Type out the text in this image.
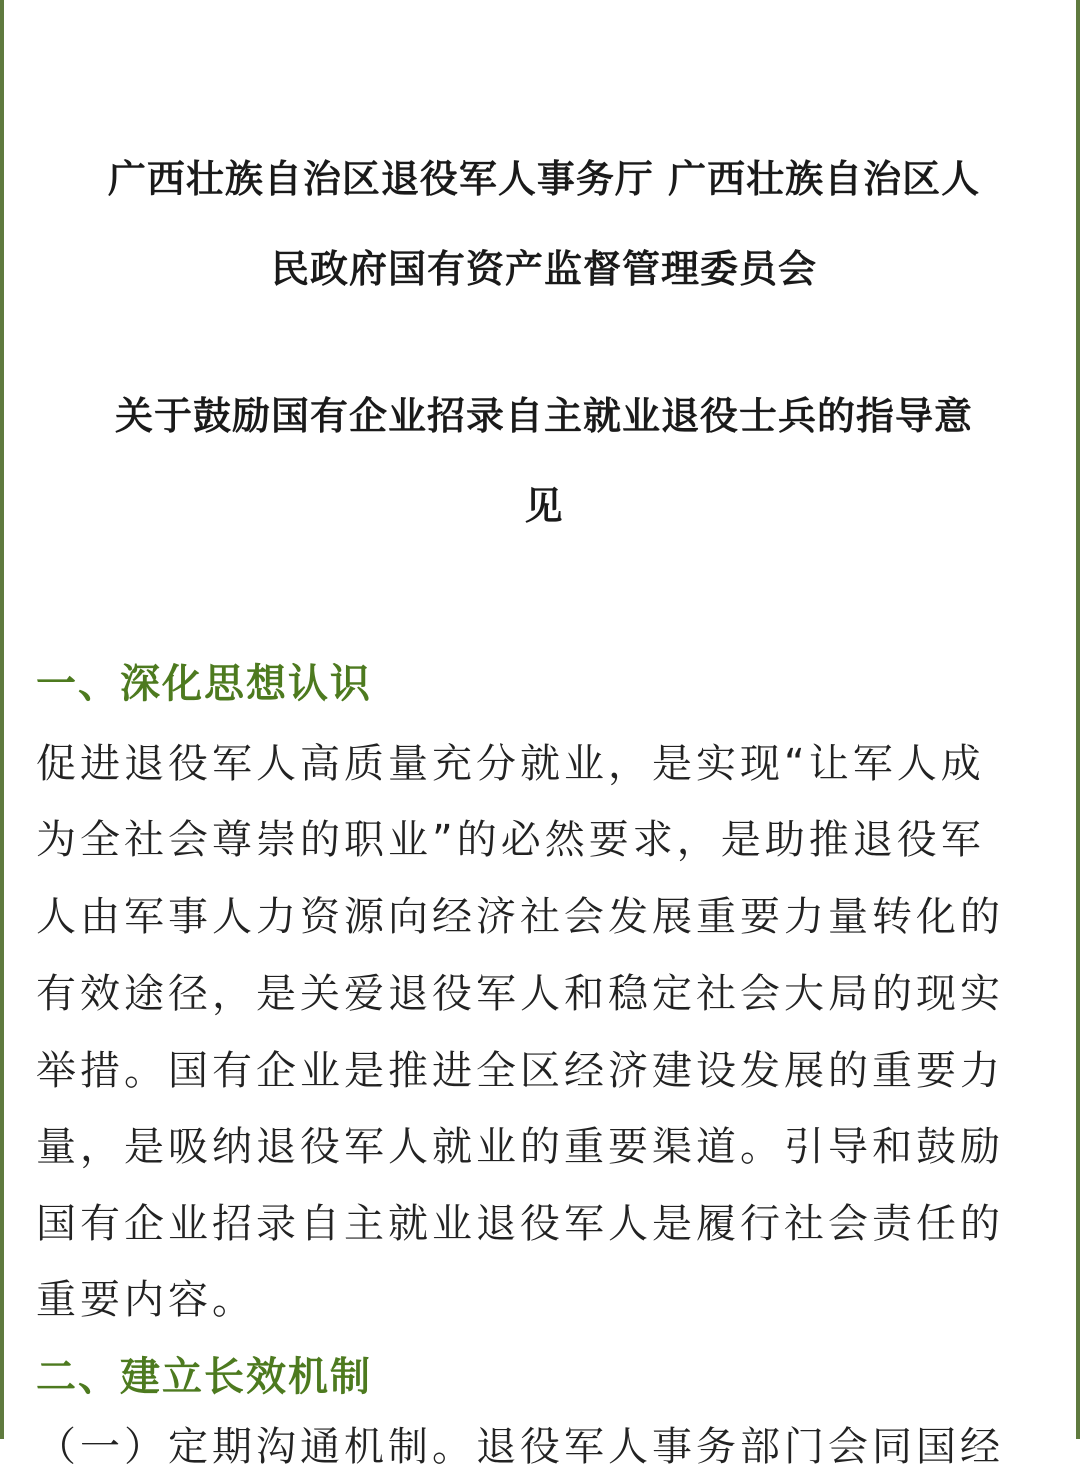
广西壮族自治区退役军人事务厅 广西壮族自治区人
民政府国有资产监督管理委员会
关于鼓励国有企业招录自主就业退役士兵的指导意
见
一、深化思想认识
促进退役军人高质量充分就业，是实现“让军人成
为全社会尊崇的职业”的必然要求，是助推退役军
人由军事人力资源向经济社会发展重要力量转化的
有效途径，是关爱退役军人和稳定社会大局的现实
举措。国有企业是推进全区经济建设发展的重要力
量，是吸纳退役军人就业的重要渠道。引导和鼓励
国有企业招录自主就业退役军人是履行社会责任的
重要内容。
二、建立长效机制
（一）定期沟通机制。退役军人事务部门会同国经
